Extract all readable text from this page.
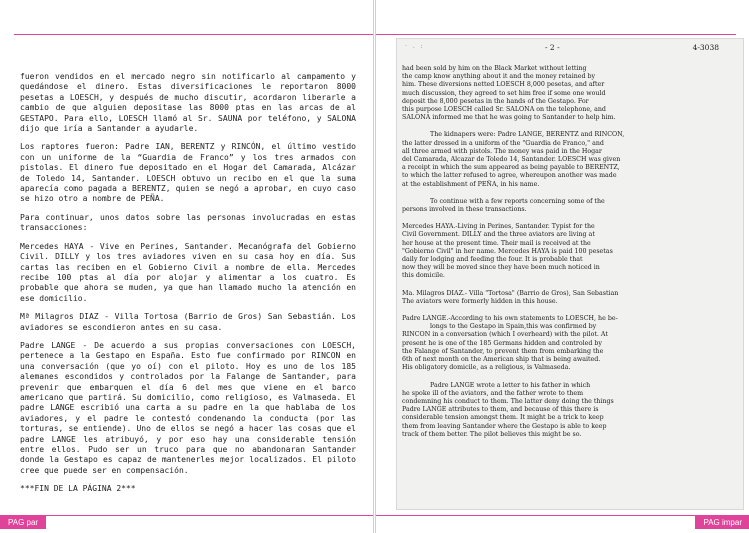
fueron vendidos en el mercado negro sin notificarlo al campamento y quedándose el dinero. Estas diversificaciones le reportaron 8000 pesetas a LOESCH, y después de mucho discutir, acordaron liberarle a cambio de que alguien depositase las 8000 ptas en las arcas de al GESTAPO. Para ello, LOESCH llamó al Sr. SAUNA por teléfono, y SALONA dijo que iría a Santander a ayudarle.

Los raptores fueron: Padre IAN, BERENTZ y RINCÓN, el último vestido con un uniforme de la “Guardia de Franco” y los tres armados con pistolas. El dinero fue depositado en el Hogar del Camarada, Alcázar de Toledo 14, Santander. LOESCH obtuvo un recibo en el que la suma aparecía como pagada a BERENTZ, quien se negó a aprobar, en cuyo caso se hizo otro a nombre de PEÑA.

Para continuar, unos datos sobre las personas involucradas en estas transacciones:

Mercedes HAYA - Vive en Perines, Santander. Mecanógrafa del Gobierno Civil. DILLY y los tres aviadores viven en su casa hoy en día. Sus cartas las reciben en el Gobierno Civil a nombre de ella. Mercedes recibe 100 ptas al día por alojar y alimentar a los cuatro. Es probable que ahora se muden, ya que han llamado mucho la atención en ese domicilio.

Mª Milagros DIAZ - Villa Tortosa (Barrio de Gros) San Sebastián. Los aviadores se escondieron antes en su casa.

Padre LANGE - De acuerdo a sus propias conversaciones con LOESCH, pertenece a la Gestapo en España. Esto fue confirmado por RINCON en una conversación (que yo oí) con el piloto. Hoy es uno de los 185 alemanes escondidos y controlados por la Falange de Santander, para prevenir que embarquen el día 6 del mes que viene en el barco americano que partirá. Su domicilio, como religioso, es Valmaseda. El padre LANGE escribió una carta a su padre en la que hablaba de los aviadores, y el padre le contestó condenando la conducta (por las torturas, se entiende). Uno de ellos se negó a hacer las cosas que el padre LANGE les atribuyó, y por eso hay una considerable tensión entre ellos. Pudo ser un truco para que no abandonaran Santander donde la Gestapo es capaz de mantenerles mejor localizados. El piloto cree que puede ser en compensación.

***FIN DE LA PÁGINA 2***

PAG par
· . :	- 2 -	4-3038
had been sold by him on the Black Market without letting
the camp know anything about it and the money retained by
him. These diversions netted LOESCH 8,000 pesetas, and after
much discussion, they agreed to set him free if some one would
deposit the 8,000 pesetas in the hands of the Gestapo. For
this purpose LOESCH called Sr. SALONA on the telephone, and
SALONA informed me that he was going to Santander to help him.
The kidnapers were: Padre LANGE, BERENTZ and RINCON,
the latter dressed in a uniform of the "Guardia de Franco," and
all three armed with pistols. The money was paid in the Hogar
del Camarada, Alcazar de Toledo 14, Santander. LOESCH was given
a receipt in which the sum appeared as being payable to BERENTZ,
to which the latter refused to agree, whereupon another was made
at the establishment of PEÑA, in his name.
To continue with a few reports concerning some of the
persons involved in these transactions.
Mercedes HAYA.-Living in Perines, Santander. Typist for the
Civil Government. DILLY and the three aviators are living at
her house at the present time. Their mail is received at the
"Gobierno Civil" in her name. Mercedes HAYA is paid 100 pesetas
daily for lodging and feeding the four. It is probable that
now they will be moved since they have been much noticed in
this domicile.
Ma. Milagros DIAZ.- Villa "Tortosa" (Barrio de Gros), San Sebastian
The aviators were formerly hidden in this house.
Padre LANGE.-According to his own statements to LOESCH, he be-
longs to the Gestapo in Spain,this was confirmed by
RINCON in a conversation (which I overheard) with the pilot. At
present he is one of the 185 Germans hidden and controled by
the Falange of Santander, to prevent them from embarking the
6th of next month on the American ship that is being awaited.
His obligatory domicile, as a religious, is Valmaseda.
Padre LANGE wrote a letter to his father in which
he spoke ill of the aviators, and the father wrote to them
condemning his conduct to them. The latter deny doing the things
Padre LANGE attributes to them, and because of this there is
considerable tension amongst them. It might be a trick to keep
them from leaving Santander where the Gestapo is able to keep
track of them better. The pilot believes this might be so.
PAG impar
